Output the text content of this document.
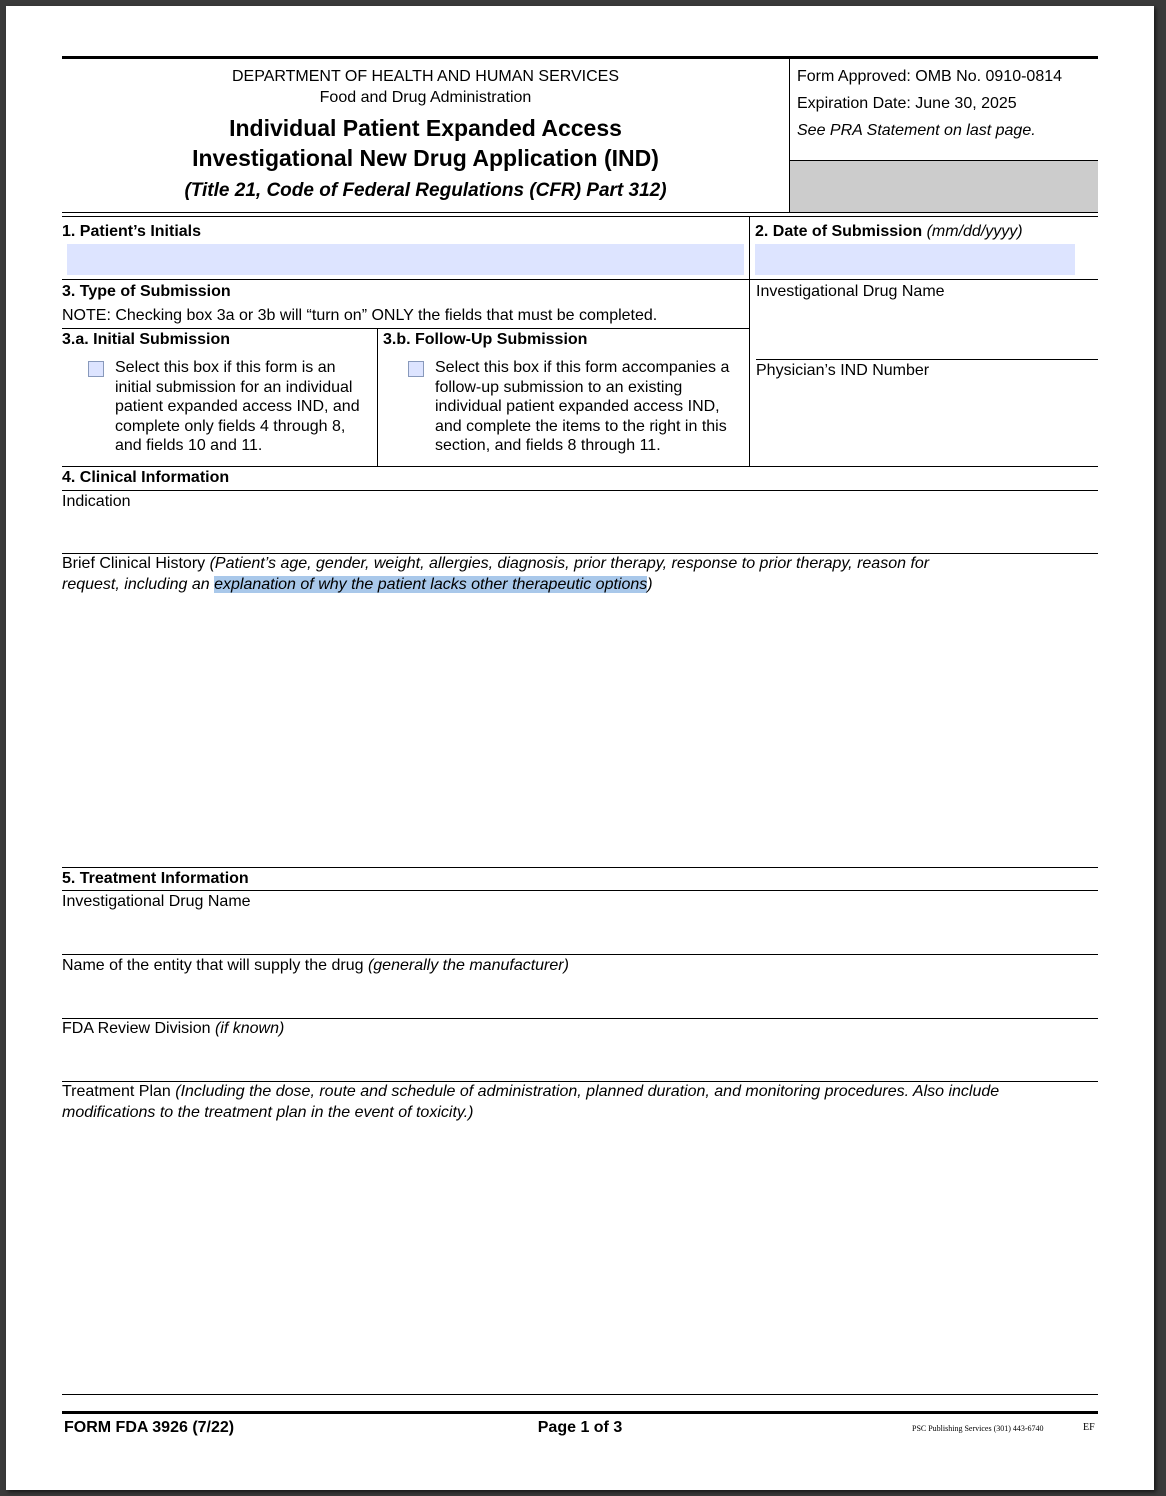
DEPARTMENT OF HEALTH AND HUMAN SERVICES
Food and Drug Administration
Individual Patient Expanded Access
Investigational New Drug Application (IND)
(Title 21, Code of Federal Regulations (CFR) Part 312)
Form Approved: OMB No. 0910-0814
Expiration Date: June 30, 2025
See PRA Statement on last page.
1. Patient’s Initials	2. Date of Submission (mm/dd/yyyy)
3. Type of Submission
NOTE: Checking box 3a or 3b will “turn on” ONLY the fields that must be completed.
3.a. Initial Submission
Select this box if this form is an initial submission for an individual patient expanded access IND, and complete only fields 4 through 8, and fields 10 and 11.
3.b. Follow-Up Submission
Select this box if this form accompanies a follow-up submission to an existing individual patient expanded access IND, and complete the items to the right in this section, and fields 8 through 11.
Investigational Drug Name
Physician’s IND Number
4. Clinical Information
Indication
Brief Clinical History (Patient’s age, gender, weight, allergies, diagnosis, prior therapy, response to prior therapy, reason for
request, including an explanation of why the patient lacks other therapeutic options)
5. Treatment Information
Investigational Drug Name
Name of the entity that will supply the drug (generally the manufacturer)
FDA Review Division (if known)
Treatment Plan (Including the dose, route and schedule of administration, planned duration, and monitoring procedures. Also include
modifications to the treatment plan in the event of toxicity.)
FORM FDA 3926 (7/22)	Page 1 of 3	PSC Publishing Services (301) 443-6740	EF
